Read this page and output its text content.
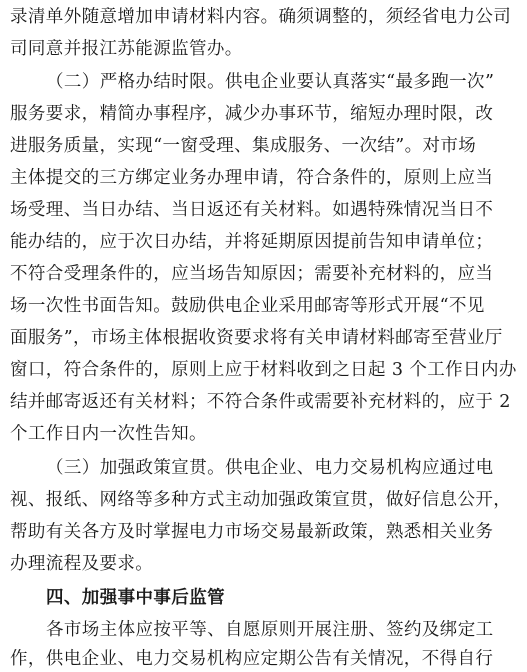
录清单外随意增加申请材料内容。确须调整的，须经省电力公司
司同意并报江苏能源监管办。
（二）严格办结时限。供电企业要认真落实“最多跑一次”
服务要求，精简办事程序，减少办事环节，缩短办理时限，改
进服务质量，实现“一窗受理、集成服务、一次结”。对市场
主体提交的三方绑定业务办理申请，符合条件的，原则上应当
场受理、当日办结、当日返还有关材料。如遇特殊情况当日不
能办结的，应于次日办结，并将延期原因提前告知申请单位；
不符合受理条件的，应当场告知原因；需要补充材料的，应当
场一次性书面告知。鼓励供电企业采用邮寄等形式开展“不见
面服务”，市场主体根据收资要求将有关申请材料邮寄至营业厅
窗口，符合条件的，原则上应于材料收到之日起 3 个工作日内办
结并邮寄返还有关材料；不符合条件或需要补充材料的，应于 2
个工作日内一次性告知。
（三）加强政策宣贯。供电企业、电力交易机构应通过电
视、报纸、网络等多种方式主动加强政策宣贯，做好信息公开，
帮助有关各方及时掌握电力市场交易最新政策，熟悉相关业务
办理流程及要求。
四、加强事中事后监管
各市场主体应按平等、自愿原则开展注册、签约及绑定工
作，供电企业、电力交易机构应定期公告有关情况，不得自行
